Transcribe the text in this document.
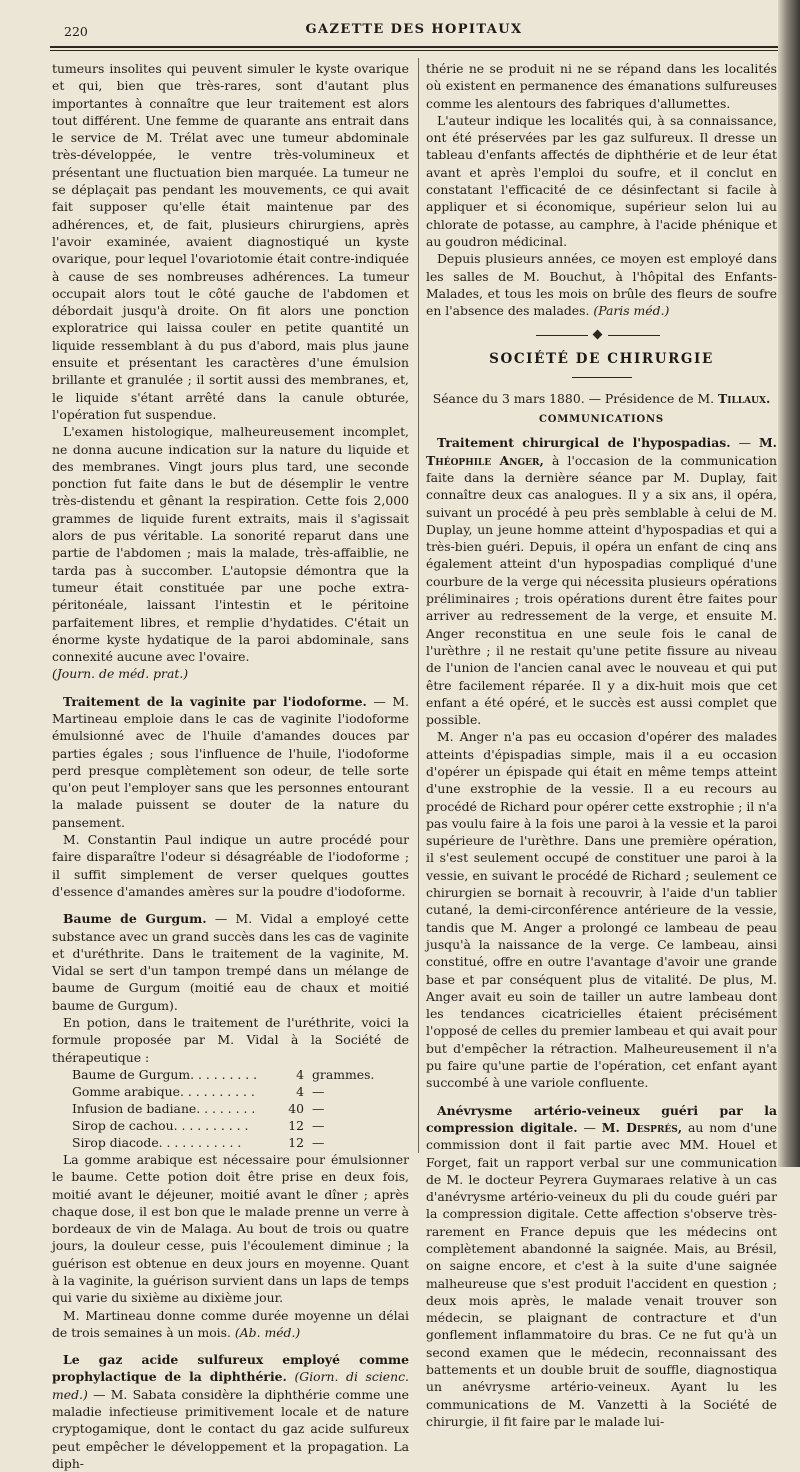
220	GAZETTE DES HOPITAUX

tumeurs insolites qui peuvent simuler le kyste ovarique et qui, bien que très-rares, sont d'autant plus importantes à connaître que leur traitement est alors tout différent. Une femme de quarante ans entrait dans le service de M. Trélat avec une tumeur abdominale très-développée, le ventre très-volumineux et présentant une fluctuation bien marquée. La tumeur ne se déplaçait pas pendant les mouvements, ce qui avait fait supposer qu'elle était maintenue par des adhérences, et, de fait, plusieurs chirurgiens, après l'avoir examinée, avaient diagnostiqué un kyste ovarique, pour lequel l'ovariotomie était contre-indiquée à cause de ses nombreuses adhérences. La tumeur occupait alors tout le côté gauche de l'abdomen et débordait jusqu'à droite. On fit alors une ponction exploratrice qui laissa couler en petite quantité un liquide ressemblant à du pus d'abord, mais plus jaune ensuite et présentant les caractères d'une émulsion brillante et granulée ; il sortit aussi des membranes, et, le liquide s'étant arrêté dans la canule obturée, l'opération fut suspendue.

L'examen histologique, malheureusement incomplet, ne donna aucune indication sur la nature du liquide et des membranes. Vingt jours plus tard, une seconde ponction fut faite dans le but de désemplir le ventre très-distendu et gênant la respiration. Cette fois 2,000 grammes de liquide furent extraits, mais il s'agissait alors de pus véritable. La sonorité reparut dans une partie de l'abdomen ; mais la malade, très-affaiblie, ne tarda pas à succomber. L'autopsie démontra que la tumeur était constituée par une poche extra-péritonéale, laissant l'intestin et le péritoine parfaitement libres, et remplie d'hydatides. C'était un énorme kyste hydatique de la paroi abdominale, sans connexité aucune avec l'ovaire.

(Journ. de méd. prat.)

Traitement de la vaginite par l'iodoforme. — M. Martineau emploie dans le cas de vaginite l'iodoforme émulsionné avec de l'huile d'amandes douces par parties égales ; sous l'influence de l'huile, l'iodoforme perd presque complètement son odeur, de telle sorte qu'on peut l'employer sans que les personnes entourant la malade puissent se douter de la nature du pansement.

M. Constantin Paul indique un autre procédé pour faire disparaître l'odeur si désagréable de l'iodoforme ; il suffit simplement de verser quelques gouttes d'essence d'amandes amères sur la poudre d'iodoforme.

Baume de Gurgum. — M. Vidal a employé cette substance avec un grand succès dans les cas de vaginite et d'uréthrite. Dans le traitement de la vaginite, M. Vidal se sert d'un tampon trempé dans un mélange de baume de Gurgum (moitié eau de chaux et moitié baume de Gurgum).

En potion, dans le traitement de l'uréthrite, voici la formule proposée par M. Vidal à la Société de thérapeutique :

Baume de Gurgum. . . . . . . . .	4	grammes.
Gomme arabique. . . . . . . . . .	4	—
Infusion de badiane. . . . . . . .	40	—
Sirop de cachou. . . . . . . . . .	12	—
Sirop diacode. . . . . . . . . . .	12	—

La gomme arabique est nécessaire pour émulsionner le baume. Cette potion doit être prise en deux fois, moitié avant le déjeuner, moitié avant le dîner ; après chaque dose, il est bon que le malade prenne un verre à bordeaux de vin de Malaga. Au bout de trois ou quatre jours, la douleur cesse, puis l'écoulement diminue ; la guérison est obtenue en deux jours en moyenne. Quant à la vaginite, la guérison survient dans un laps de temps qui varie du sixième au dixième jour.

M. Martineau donne comme durée moyenne un délai de trois semaines à un mois. (Ab. méd.)

Le gaz acide sulfureux employé comme prophylactique de la diphthérie. (Giorn. di scienc. med.) — M. Sabata considère la diphthérie comme une maladie infectieuse primitivement locale et de nature cryptogamique, dont le contact du gaz acide sulfureux peut empêcher le développement et la propagation. La diph-

thérie ne se produit ni ne se répand dans les localités où existent en permanence des émanations sulfureuses comme les alentours des fabriques d'allumettes.

L'auteur indique les localités qui, à sa connaissance, ont été préservées par les gaz sulfureux. Il dresse un tableau d'enfants affectés de diphthérie et de leur état avant et après l'emploi du soufre, et il conclut en constatant l'efficacité de ce désinfectant si facile à appliquer et si économique, supérieur selon lui au chlorate de potasse, au camphre, à l'acide phénique et au goudron médicinal.

Depuis plusieurs années, ce moyen est employé dans les salles de M. Bouchut, à l'hôpital des Enfants-Malades, et tous les mois on brûle des fleurs de soufre en l'absence des malades. (Paris méd.)

SOCIÉTÉ DE CHIRURGIE
Séance du 3 mars 1880. — Présidence de M. Tillaux.
COMMUNICATIONS

Traitement chirurgical de l'hypospadias. — M. Théophile Anger, à l'occasion de la communication faite dans la dernière séance par M. Duplay, fait connaître deux cas analogues. Il y a six ans, il opéra, suivant un procédé à peu près semblable à celui de M. Duplay, un jeune homme atteint d'hypospadias et qui a très-bien guéri. Depuis, il opéra un enfant de cinq ans également atteint d'un hypospadias compliqué d'une courbure de la verge qui nécessita plusieurs opérations préliminaires ; trois opérations durent être faites pour arriver au redressement de la verge, et ensuite M. Anger reconstitua en une seule fois le canal de l'urèthre ; il ne restait qu'une petite fissure au niveau de l'union de l'ancien canal avec le nouveau et qui put être facilement réparée. Il y a dix-huit mois que cet enfant a été opéré, et le succès est aussi complet que possible.

M. Anger n'a pas eu occasion d'opérer des malades atteints d'épispadias simple, mais il a eu occasion d'opérer un épispade qui était en même temps atteint d'une exstrophie de la vessie. Il a eu recours au procédé de Richard pour opérer cette exstrophie ; il n'a pas voulu faire à la fois une paroi à la vessie et la paroi supérieure de l'urèthre. Dans une première opération, il s'est seulement occupé de constituer une paroi à la vessie, en suivant le procédé de Richard ; seulement ce chirurgien se bornait à recouvrir, à l'aide d'un tablier cutané, la demi-circonférence antérieure de la vessie, tandis que M. Anger a prolongé ce lambeau de peau jusqu'à la naissance de la verge. Ce lambeau, ainsi constitué, offre en outre l'avantage d'avoir une grande base et par conséquent plus de vitalité. De plus, M. Anger avait eu soin de tailler un autre lambeau dont les tendances cicatricielles étaient précisément l'opposé de celles du premier lambeau et qui avait pour but d'empêcher la rétraction. Malheureusement il n'a pu faire qu'une partie de l'opération, cet enfant ayant succombé à une variole confluente.

Anévrysme artério-veineux guéri par la compression digitale. — M. Després, au nom d'une commission dont il fait partie avec MM. Houel et Forget, fait un rapport verbal sur une communication de M. le docteur Peyrera Guymaraes relative à un cas d'anévrysme artério-veineux du pli du coude guéri par la compression digitale. Cette affection s'observe très-rarement en France depuis que les médecins ont complètement abandonné la saignée. Mais, au Brésil, on saigne encore, et c'est à la suite d'une saignée malheureuse que s'est produit l'accident en question ; deux mois après, le malade venait trouver son médecin, se plaignant de contracture et d'un gonflement inflammatoire du bras. Ce ne fut qu'à un second examen que le médecin, reconnaissant des battements et un double bruit de souffle, diagnostiqua un anévrysme artério-veineux. Ayant lu les communications de M. Vanzetti à la Société de chirurgie, il fit faire par le malade lui-
